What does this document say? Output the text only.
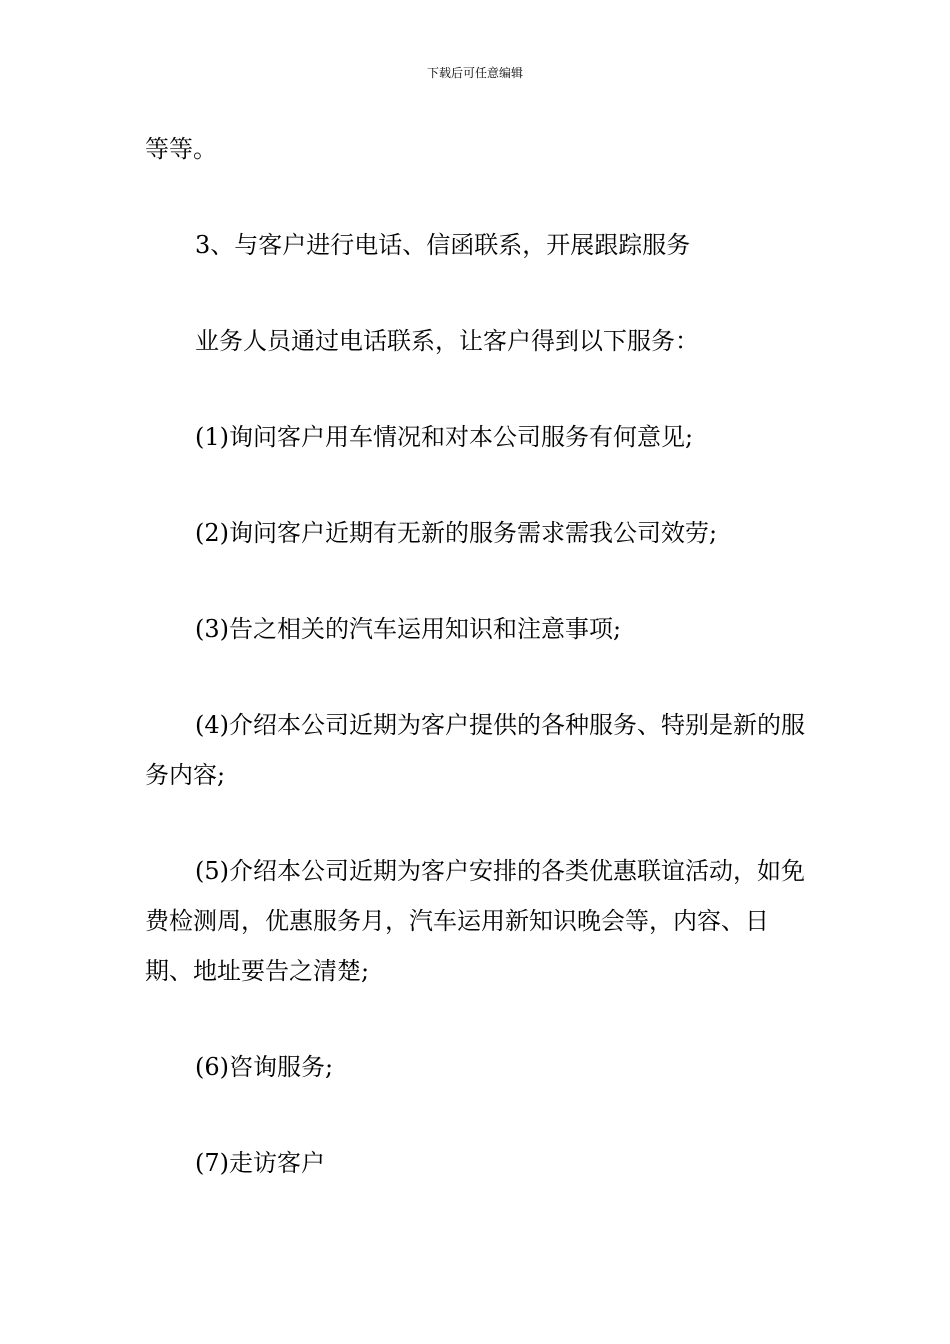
下载后可任意编辑

等等。

3、与客户进行电话、信函联系，开展跟踪服务

业务人员通过电话联系，让客户得到以下服务：

(1)询问客户用车情况和对本公司服务有何意见;

(2)询问客户近期有无新的服务需求需我公司效劳;

(3)告之相关的汽车运用知识和注意事项;

(4)介绍本公司近期为客户提供的各种服务、特别是新的服务内容;

(5)介绍本公司近期为客户安排的各类优惠联谊活动，如免费检测周，优惠服务月，汽车运用新知识晚会等，内容、日期、地址要告之清楚;

(6)咨询服务;

(7)走访客户
